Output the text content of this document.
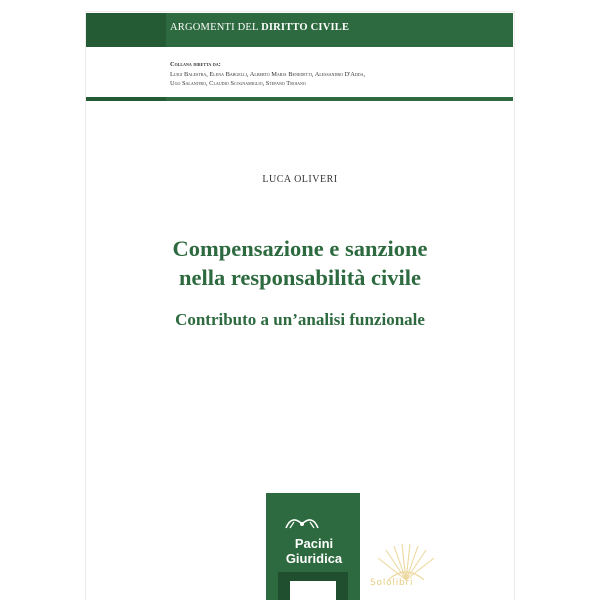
ARGOMENTI DEL DIRITTO CIVILE
Collana diretta da:
Luigi Balestra, Elena Bargelli, Alberto Maria Benedetti, Alessandro D'Adda,
Ugo Salanitro, Claudio Scognamiglio, Stefano Troiano
LUCA OLIVERI
Compensazione e sanzione
nella responsabilità civile
Contributo a un’analisi funzionale
Pacini
Giuridica
Sololibri
